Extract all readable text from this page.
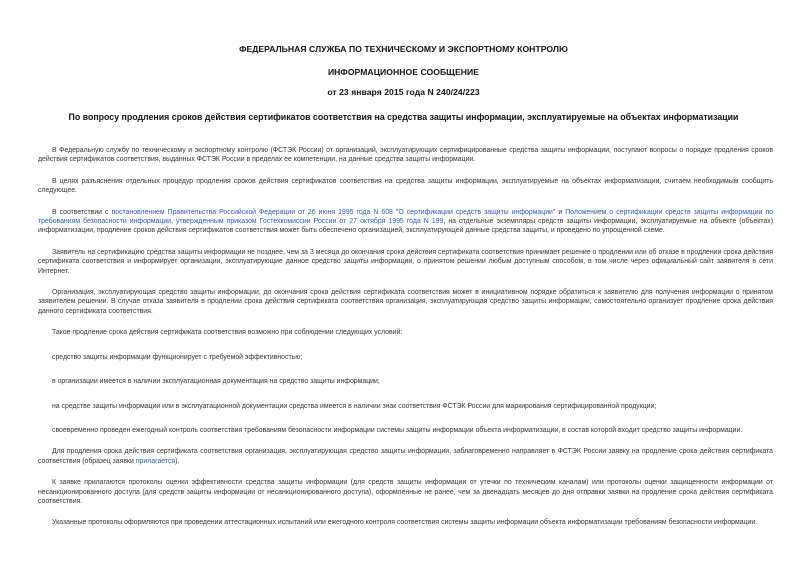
ФЕДЕРАЛЬНАЯ СЛУЖБА ПО ТЕХНИЧЕСКОМУ И ЭКСПОРТНОМУ КОНТРОЛЮ
ИНФОРМАЦИОННОЕ СООБЩЕНИЕ
от 23 января 2015 года N 240/24/223
По вопросу продления сроков действия сертификатов соответствия на средства защиты информации, эксплуатируемые на объектах информатизации

В Федеральную службу по техническому и экспортному контролю (ФСТЭК России) от организаций, эксплуатирующих сертифицированные средства защиты информации, поступают вопросы о порядке продления сроков действия сертификатов соответствия, выданных ФСТЭК России в пределах ее компетенции, на данные средства защиты информации.

В целях разъяснения отдельных процедур продления сроков действия сертификатов соответствия на средства защиты информации, эксплуатируемые на объектах информатизации, считаем необходимым сообщить следующее.

В соответствии с постановлением Правительства Российской Федерации от 26 июня 1995 года N 608 "О сертификации средств защиты информации" и Положением о сертификации средств защиты информации по требованиям безопасности информации, утвержденным приказом Гостехкомиссии России от 27 октября 1995 года N 199, на отдельные экземпляры средств защиты информации, эксплуатируемые на объекте (объектах) информатизации, продление сроков действия сертификатов соответствия может быть обеспечено организацией, эксплуатирующей данные средства защиты, и проведено по упрощенной схеме.

Заявитель на сертификацию средства защиты информации не позднее, чем за 3 месяца до окончания срока действия сертификата соответствия принимает решение о продлении или об отказе в продлении срока действия сертификата соответствия и информирует организации, эксплуатирующие данное средство защиты информации, о принятом решении любым доступным способом, в том числе через официальный сайт заявителя в сети Интернет.

Организация, эксплуатирующая средство защиты информации, до окончания срока действия сертификата соответствия может в инициативном порядке обратиться к заявителю для получения информации о принятом заявителем решении. В случае отказа заявителя в продлении срока действия сертификата соответствия организация, эксплуатирующая средство защиты информации, самостоятельно организует продление срока действия данного сертификата соответствия.

Такое продление срока действия сертификата соответствия возможно при соблюдении следующих условий:

средство защиты информации функционирует с требуемой эффективностью;

в организации имеется в наличии эксплуатационная документация на средство защиты информации;

на средстве защиты информации или в эксплуатационной документации средства имеется в наличии знак соответствия ФСТЭК России для маркирования сертифицированной продукции;

своевременно проведен ежегодный контроль соответствия требованиям безопасности информации системы защиты информации объекта информатизации, в состав которой входит средство защиты информации.

Для продления срока действия сертификата соответствия организация, эксплуатирующая средство защиты информации, заблаговременно направляет в ФСТЭК России заявку на продление срока действия сертификата соответствия (образец заявки прилагается).

К заявке прилагаются протоколы оценки эффективности средства защиты информации (для средств защиты информации от утечки по техническим каналам) или протоколы оценки защищенности информации от несанкционированного доступа (для средств защиты информации от несанкционированного доступа), оформленные не ранее, чем за двенадцать месяцев до дня отправки заявки на продление срока действия сертификата соответствия.

Указанные протоколы оформляются при проведении аттестационных испытаний или ежегодного контроля соответствия системы защиты информации объекта информатизации требованиям безопасности информации.
